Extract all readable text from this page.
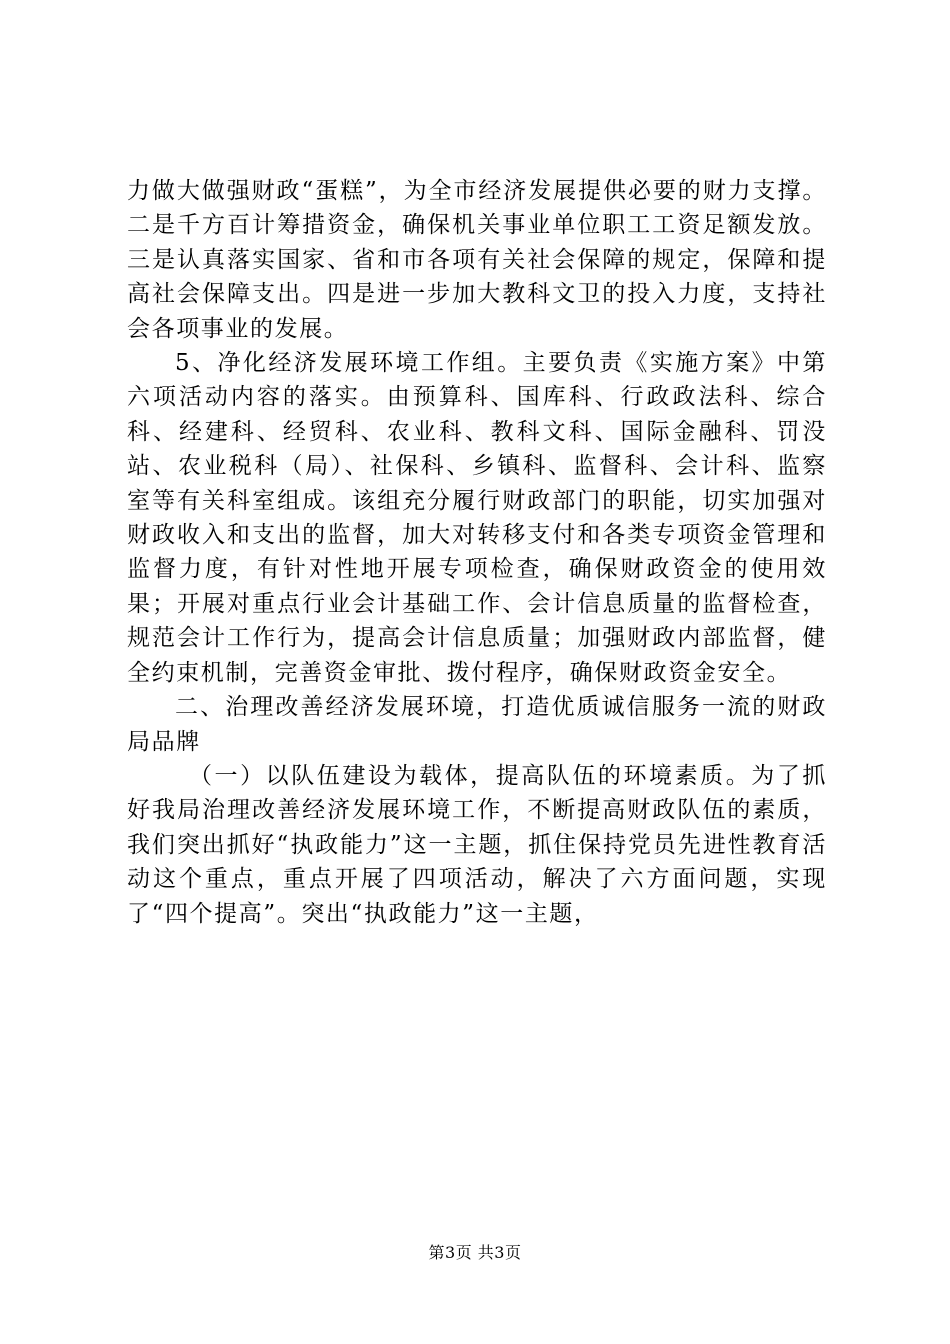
力做大做强财政“蛋糕”，为全市经济发展提供必要的财力支撑。二是千方百计筹措资金，确保机关事业单位职工工资足额发放。三是认真落实国家、省和市各项有关社会保障的规定，保障和提高社会保障支出。四是进一步加大教科文卫的投入力度，支持社会各项事业的发展。

5、净化经济发展环境工作组。主要负责《实施方案》中第六项活动内容的落实。由预算科、国库科、行政政法科、综合科、经建科、经贸科、农业科、教科文科、国际金融科、罚没站、农业税科（局）、社保科、乡镇科、监督科、会计科、监察室等有关科室组成。该组充分履行财政部门的职能，切实加强对财政收入和支出的监督，加大对转移支付和各类专项资金管理和监督力度，有针对性地开展专项检查，确保财政资金的使用效果；开展对重点行业会计基础工作、会计信息质量的监督检查，规范会计工作行为，提高会计信息质量；加强财政内部监督，健全约束机制，完善资金审批、拨付程序，确保财政资金安全。

二、治理改善经济发展环境，打造优质诚信服务一流的财政局品牌

（一）以队伍建设为载体，提高队伍的环境素质。为了抓好我局治理改善经济发展环境工作，不断提高财政队伍的素质，我们突出抓好“执政能力”这一主题，抓住保持党员先进性教育活动这个重点，重点开展了四项活动，解决了六方面问题，实现了“四个提高”。突出“执政能力”这一主题，

第3页 共3页
